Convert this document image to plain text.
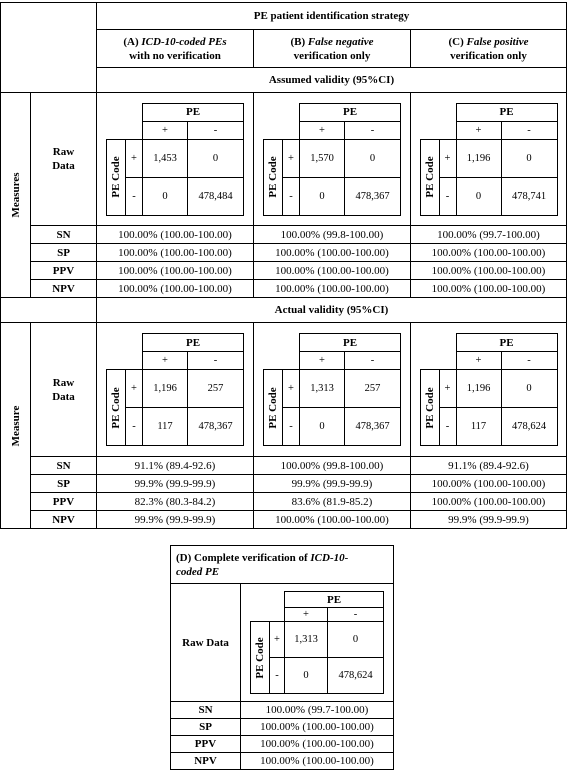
	PE patient identification strategy
(A) ICD-10-coded PEs
with no verification	(B) False negative
verification only	(C) False positive
verification only
Assumed validity (95%CI)

Measures
	Raw
Data	
		PE
		+	-

PE Code	+	1,453	0
-	0	478,484

		PE
		+	-

PE Code	+	1,570	0
-	0	478,367

		PE
		+	-

PE Code	+	1,196	0
-	0	478,741

SN	100.00% (100.00-100.00)	100.00% (99.8-100.00)	100.00% (99.7-100.00)
SP	100.00% (100.00-100.00)	100.00% (100.00-100.00)	100.00% (100.00-100.00)
PPV	100.00% (100.00-100.00)	100.00% (100.00-100.00)	100.00% (100.00-100.00)
NPV	100.00% (100.00-100.00)	100.00% (100.00-100.00)	100.00% (100.00-100.00)
	Actual validity (95%CI)

Measure
	Raw
Data	
		PE
		+	-

PE Code	+	1,196	257
-	117	478,367

		PE
		+	-

PE Code	+	1,313	257
-	0	478,367

		PE
		+	-

PE Code	+	1,196	0
-	117	478,624

SN	91.1% (89.4-92.6)	100.00% (99.8-100.00)	91.1% (89.4-92.6)
SP	99.9% (99.9-99.9)	99.9% (99.9-99.9)	100.00% (100.00-100.00)
PPV	82.3% (80.3-84.2)	83.6% (81.9-85.2)	100.00% (100.00-100.00)
NPV	99.9% (99.9-99.9)	100.00% (100.00-100.00)	99.9% (99.9-99.9)
(D) Complete verification of ICD-10-
coded PE
Raw Data	
		PE
		+	-

PE Code	+	1,313	0
-	0	478,624

SN	100.00% (99.7-100.00)
SP	100.00% (100.00-100.00)
PPV	100.00% (100.00-100.00)
NPV	100.00% (100.00-100.00)
